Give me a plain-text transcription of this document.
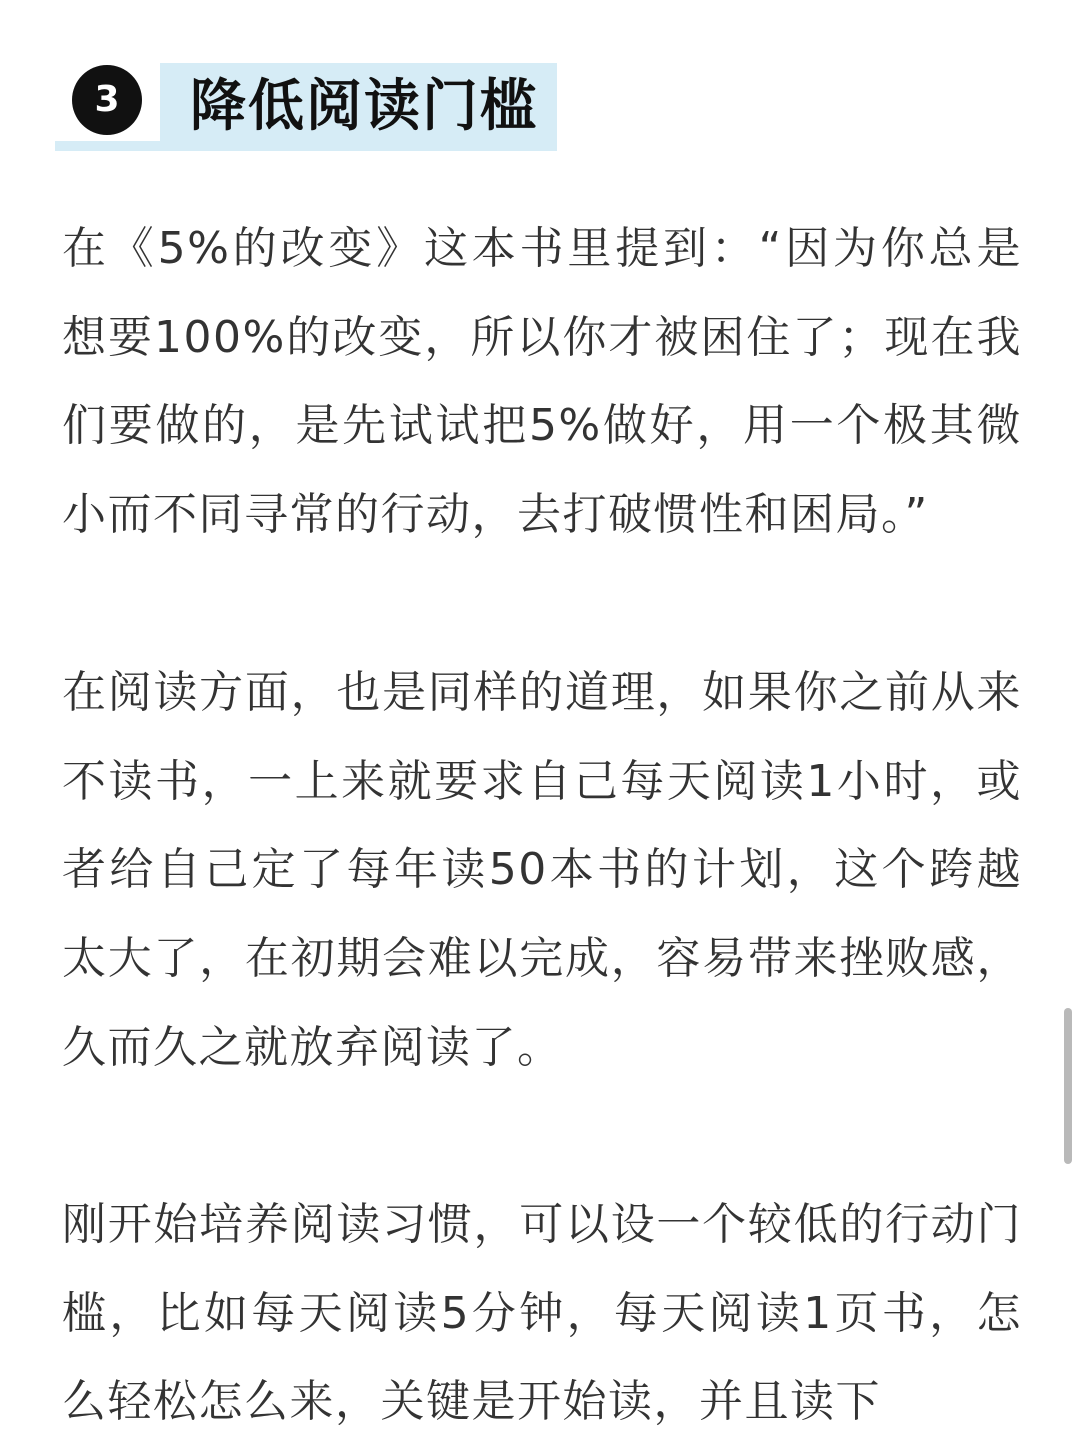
3	降低阅读门槛

在《5%的改变》这本书里提到：“因为你总是想要100%的改变，所以你才被困住了；现在我们要做的，是先试试把5%做好，用一个极其微小而不同寻常的行动，去打破惯性和困局。”

在阅读方面，也是同样的道理，如果你之前从来不读书，一上来就要求自己每天阅读1小时，或者给自己定了每年读50本书的计划，这个跨越太大了，在初期会难以完成，容易带来挫败感，久而久之就放弃阅读了。

刚开始培养阅读习惯，可以设一个较低的行动门槛，比如每天阅读5分钟，每天阅读1页书，怎么轻松怎么来，关键是开始读，并且读下
